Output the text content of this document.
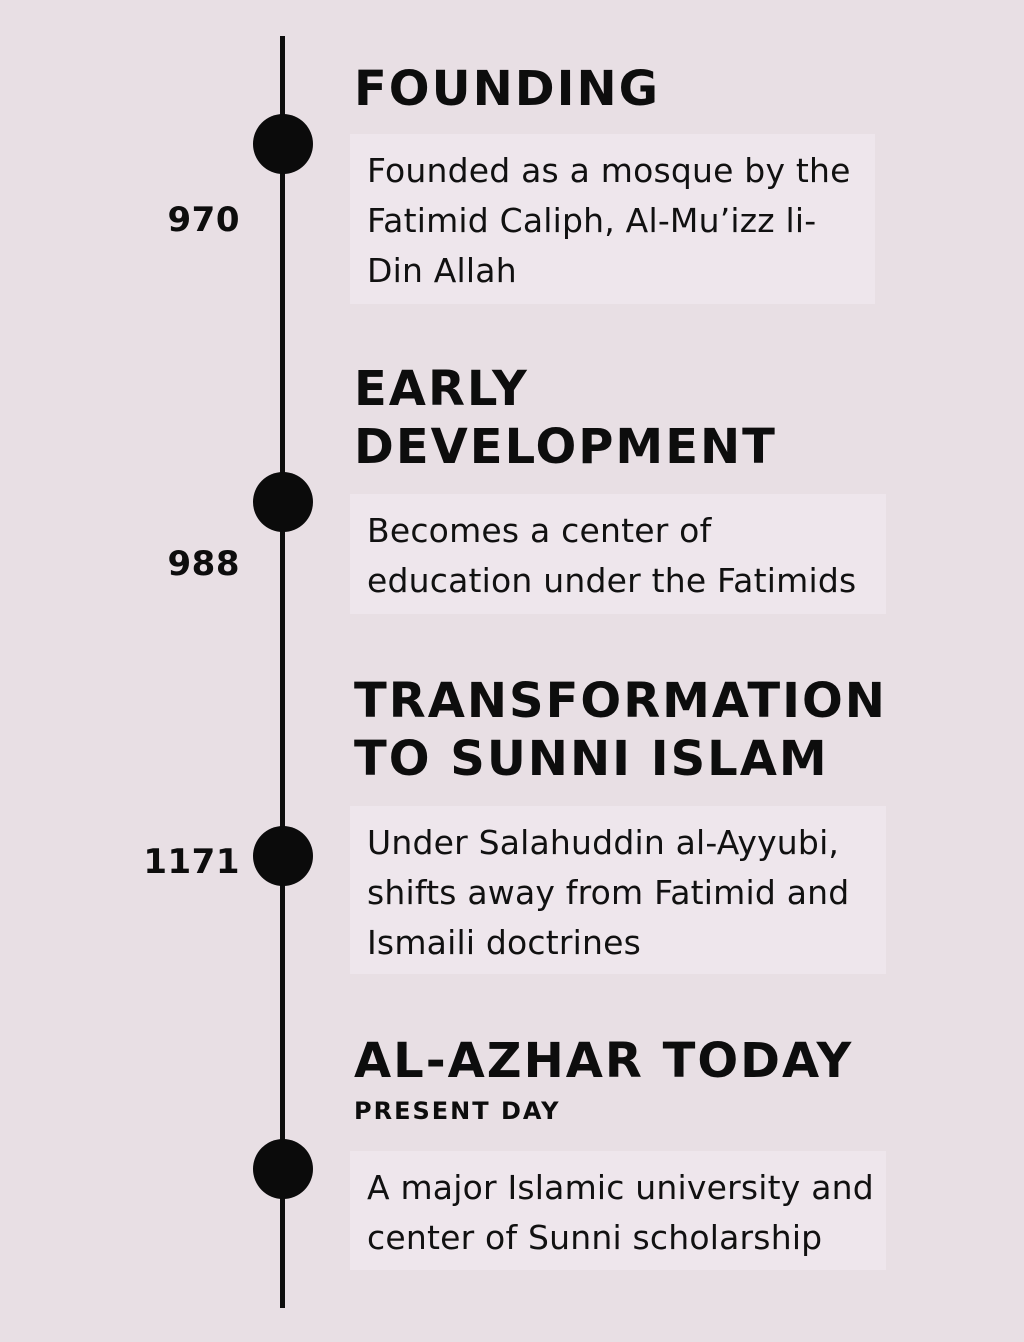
970
FOUNDING
Founded as a mosque by the Fatimid Caliph, Al-Mu’izz li-Din Allah
988
EARLY DEVELOPMENT
Becomes a center of education under the Fatimids
1171
TRANSFORMATION TO SUNNI ISLAM
Under Salahuddin al-Ayyubi, shifts away from Fatimid and Ismaili doctrines
AL-AZHAR TODAY
PRESENT DAY
A major Islamic university and center of Sunni scholarship
